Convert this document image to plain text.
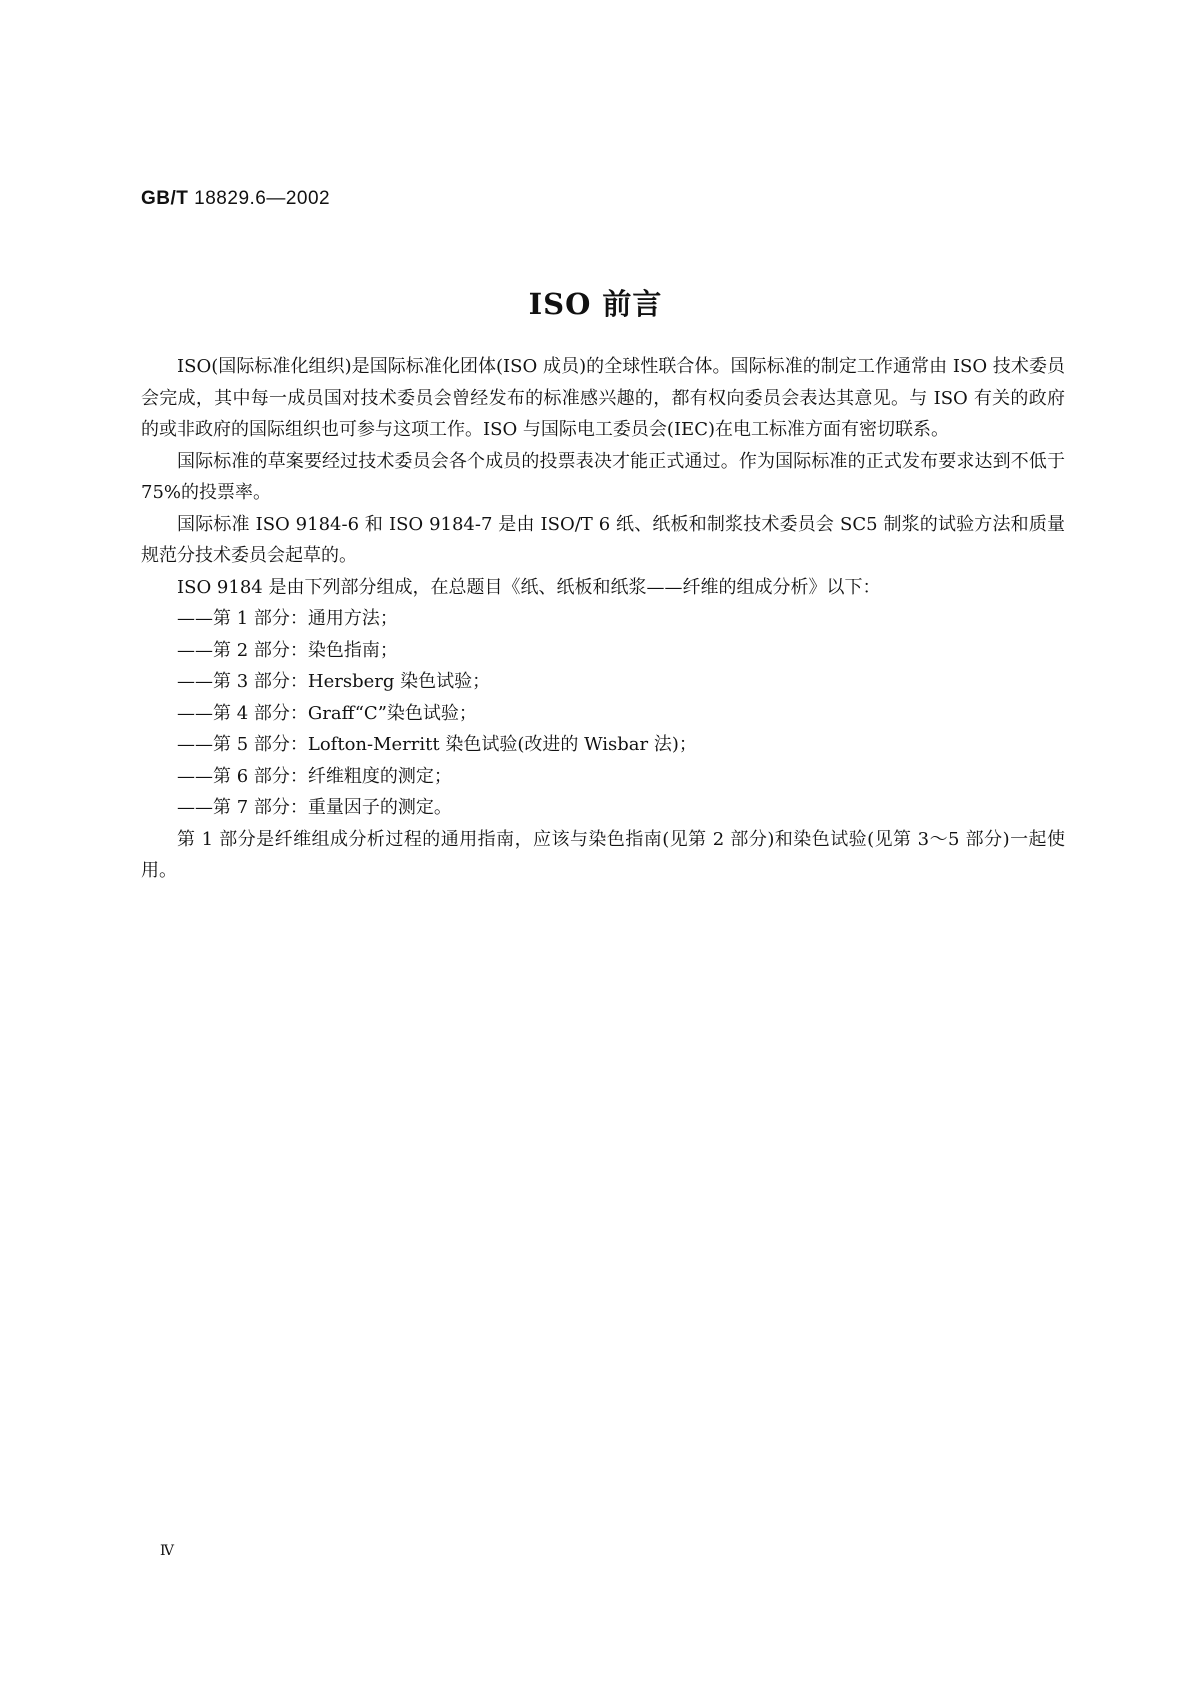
GB/T 18829.6—2002
ISO 前言

ISO(国际标准化组织)是国际标准化团体(ISO 成员)的全球性联合体。国际标准的制定工作通常由 ISO 技术委员会完成，其中每一成员国对技术委员会曾经发布的标准感兴趣的，都有权向委员会表达其意见。与 ISO 有关的政府的或非政府的国际组织也可参与这项工作。ISO 与国际电工委员会(IEC)在电工标准方面有密切联系。

国际标准的草案要经过技术委员会各个成员的投票表决才能正式通过。作为国际标准的正式发布要求达到不低于 75%的投票率。

国际标准 ISO 9184-6 和 ISO 9184-7 是由 ISO/T 6 纸、纸板和制浆技术委员会 SC5 制浆的试验方法和质量规范分技术委员会起草的。

ISO 9184 是由下列部分组成，在总题目《纸、纸板和纸浆——纤维的组成分析》以下：

——第 1 部分：通用方法；
——第 2 部分：染色指南；
——第 3 部分：Hersberg 染色试验；
——第 4 部分：Graff“C”染色试验；
——第 5 部分：Lofton-Merritt 染色试验(改进的 Wisbar 法)；
——第 6 部分：纤维粗度的测定；
——第 7 部分：重量因子的测定。

第 1 部分是纤维组成分析过程的通用指南，应该与染色指南(见第 2 部分)和染色试验(见第 3～5 部分)一起使用。

Ⅳ
